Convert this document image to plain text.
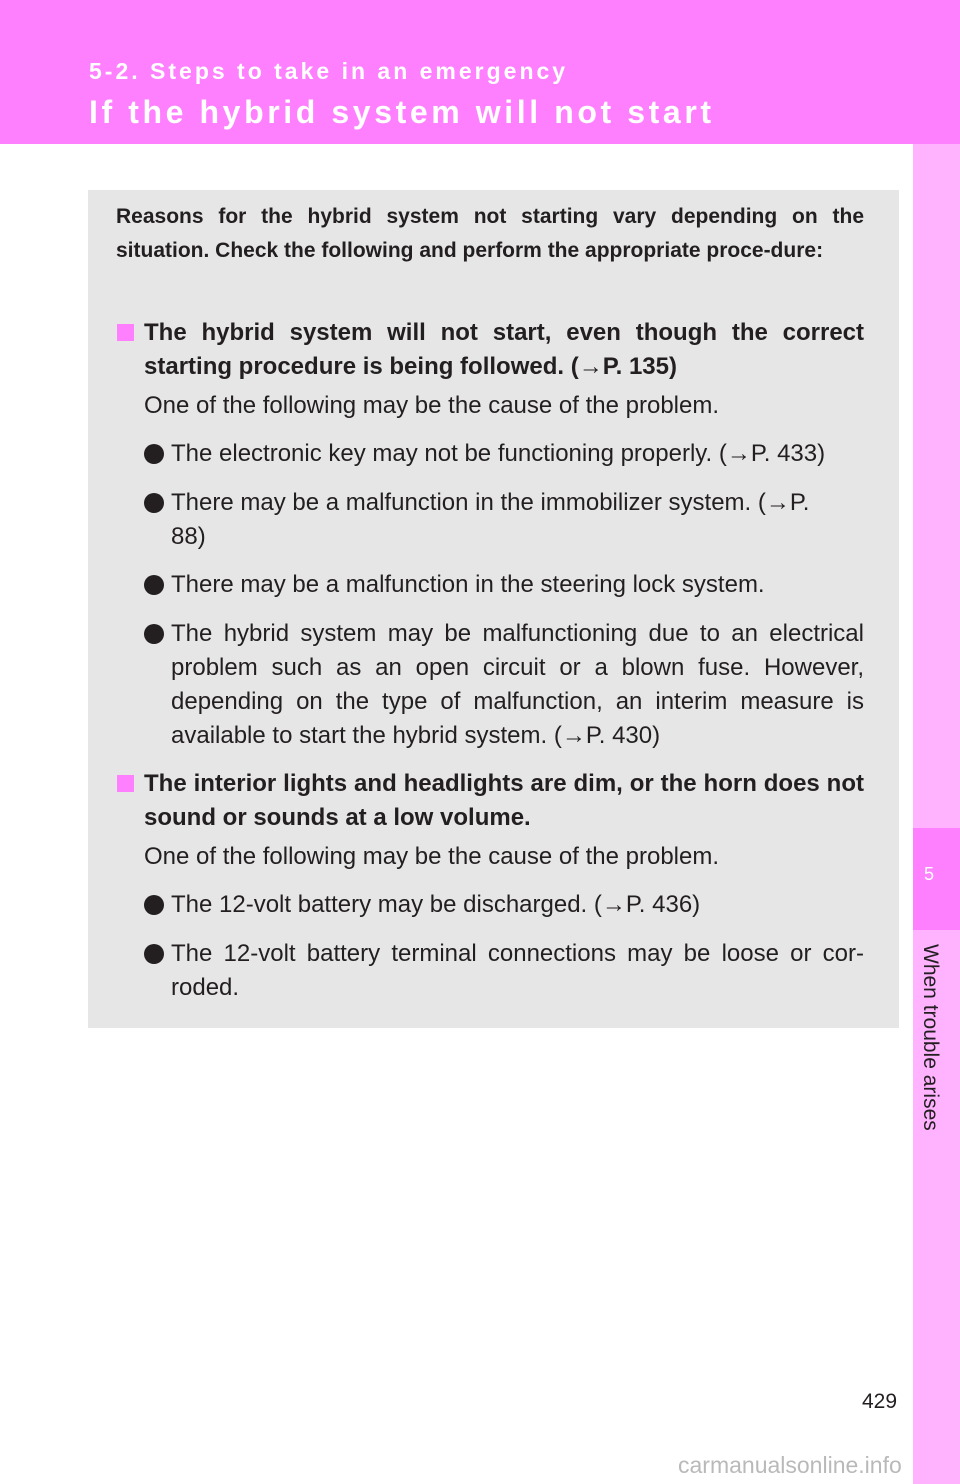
5-2. Steps to take in an emergency
If the hybrid system will not start
5
When trouble arises

Reasons for the hybrid system not starting vary depending on the situation. Check the following and perform the appropriate proce-dure:

The hybrid system will not start, even though the correct starting procedure is being followed. (→P. 135)

One of the following may be the cause of the problem.

The electronic key may not be functioning properly. (→P. 433)

There may be a malfunction in the immobilizer system. (→P. 88)

There may be a malfunction in the steering lock system.

The hybrid system may be malfunctioning due to an electrical problem such as an open circuit or a blown fuse. However, depending on the type of malfunction, an interim measure is available to start the hybrid system. (→P. 430)

The interior lights and headlights are dim, or the horn does not sound or sounds at a low volume.

One of the following may be the cause of the problem.

The 12-volt battery may be discharged. (→P. 436)

The 12-volt battery terminal connections may be loose or cor-roded.

429
carmanualsonline.info
